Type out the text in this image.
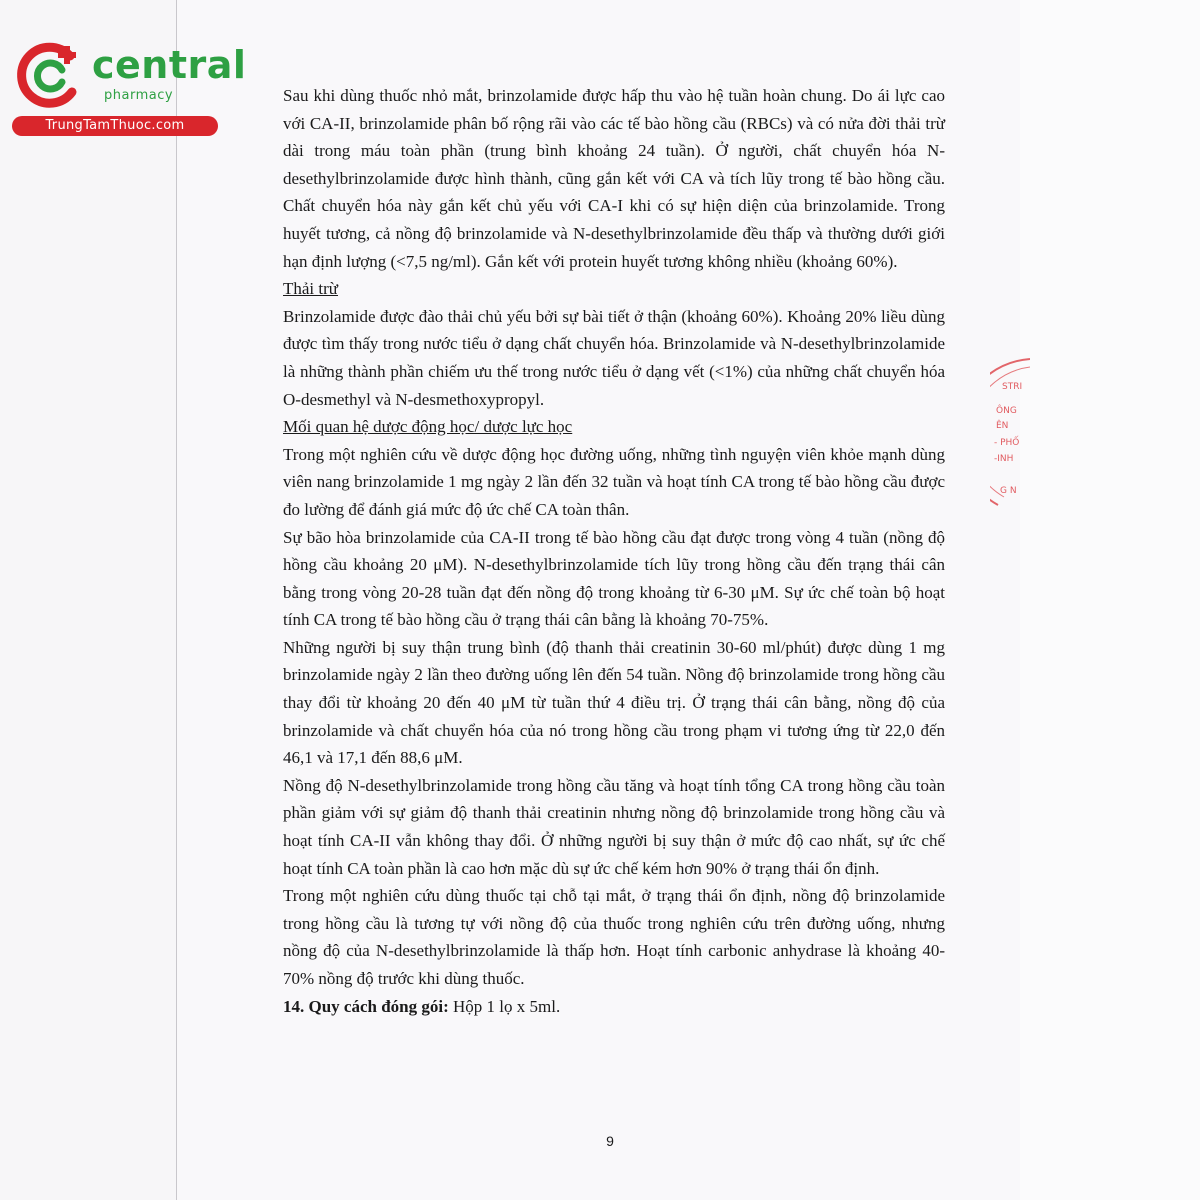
central
pharmacy
TrungTamThuoc.com

Sau khi dùng thuốc nhỏ mắt, brinzolamide được hấp thu vào hệ tuần hoàn chung. Do ái lực cao với CA-II, brinzolamide phân bố rộng rãi vào các tế bào hồng cầu (RBCs) và có nửa đời thải trừ dài trong máu toàn phần (trung bình khoảng 24 tuần). Ở người, chất chuyển hóa N-desethylbrinzolamide được hình thành, cũng gắn kết với CA và tích lũy trong tế bào hồng cầu. Chất chuyển hóa này gắn kết chủ yếu với CA-I khi có sự hiện diện của brinzolamide. Trong huyết tương, cả nồng độ brinzolamide và N-desethylbrinzolamide đều thấp và thường dưới giới hạn định lượng (<7,5 ng/ml). Gắn kết với protein huyết tương không nhiều (khoảng 60%).

Thải trừ

Brinzolamide được đào thải chủ yếu bởi sự bài tiết ở thận (khoảng 60%). Khoảng 20% liều dùng được tìm thấy trong nước tiểu ở dạng chất chuyển hóa. Brinzolamide và N-desethylbrinzolamide là những thành phần chiếm ưu thế trong nước tiểu ở dạng vết (<1%) của những chất chuyển hóa O-desmethyl và N-desmethoxypropyl.

Mối quan hệ dược động học/ dược lực học

Trong một nghiên cứu về dược động học đường uống, những tình nguyện viên khỏe mạnh dùng viên nang brinzolamide 1 mg ngày 2 lần đến 32 tuần và hoạt tính CA trong tế bào hồng cầu được đo lường để đánh giá mức độ ức chế CA toàn thân.

Sự bão hòa brinzolamide của CA-II trong tế bào hồng cầu đạt được trong vòng 4 tuần (nồng độ hồng cầu khoảng 20 μM). N-desethylbrinzolamide tích lũy trong hồng cầu đến trạng thái cân bằng trong vòng 20-28 tuần đạt đến nồng độ trong khoảng từ 6-30 μM. Sự ức chế toàn bộ hoạt tính CA trong tế bào hồng cầu ở trạng thái cân bằng là khoảng 70-75%.

Những người bị suy thận trung bình (độ thanh thải creatinin 30-60 ml/phút) được dùng 1 mg brinzolamide ngày 2 lần theo đường uống lên đến 54 tuần. Nồng độ brinzolamide trong hồng cầu thay đổi từ khoảng 20 đến 40 μM từ tuần thứ 4 điều trị. Ở trạng thái cân bằng, nồng độ của brinzolamide và chất chuyển hóa của nó trong hồng cầu trong phạm vi tương ứng từ 22,0 đến 46,1 và 17,1 đến 88,6 μM.

Nồng độ N-desethylbrinzolamide trong hồng cầu tăng và hoạt tính tổng CA trong hồng cầu toàn phần giảm với sự giảm độ thanh thải creatinin nhưng nồng độ brinzolamide trong hồng cầu và hoạt tính CA-II vẫn không thay đổi. Ở những người bị suy thận ở mức độ cao nhất, sự ức chế hoạt tính CA toàn phần là cao hơn mặc dù sự ức chế kém hơn 90% ở trạng thái ổn định.

Trong một nghiên cứu dùng thuốc tại chỗ tại mắt, ở trạng thái ổn định, nồng độ brinzolamide trong hồng cầu là tương tự với nồng độ của thuốc trong nghiên cứu trên đường uống, nhưng nồng độ của N-desethylbrinzolamide là thấp hơn. Hoạt tính carbonic anhydrase là khoảng 40-70% nồng độ trước khi dùng thuốc.

14. Quy cách đóng gói: Hộp 1 lọ x 5ml.

9
STRI
ÔNG
ÊN
- PHỐ
-INH
G N
